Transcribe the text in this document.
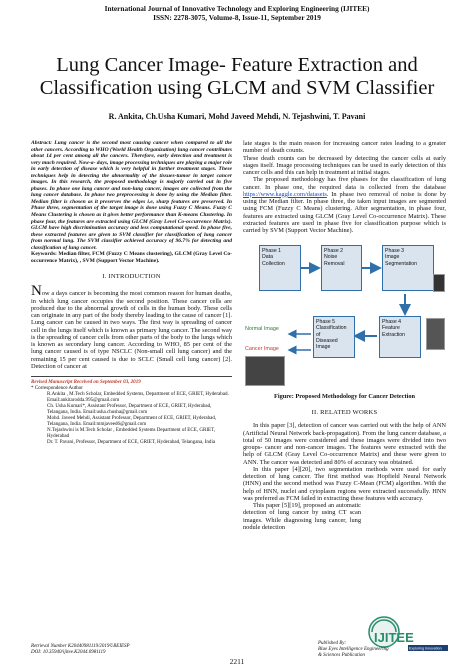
International Journal of Innovative Technology and Exploring Engineering (IJITEE)
ISSN: 2278-3075, Volume-8, Issue-11, September 2019
Lung Cancer Image- Feature Extraction and
Classification using GLCM and SVM Classifier
R. Ankita, Ch.Usha Kumari, Mohd Javeed Mehdi, N. Tejashwini, T. Pavani
Abstract: Lung cancer is the second most causing cancer when compared to all the other cancers. According to WHO (World Health Organization) lung cancer contributes about 14 per cent among all the cancers. Therefore, early detection and treatment is very much required. Now-a- days, image processing techniques are playing a major role in early detection of disease which is very helpful in further treatment stages. These techniques help in detecting the abnormality of the tissues-tumor in target cancer images. In this research, the proposed methodology is majorly carried out in five phases. In phase one lung cancer and non-lung cancer, images are collected from the lung cancer database. In phase two preprocessing is done by using the Median filter. Median filter is chosen as it preserves the edges i.e, sharp features are preserved. In Phase three, segmentation of the target image is done using Fuzzy C Means. Fuzzy C Means Clustering is chosen as it gives better performance than K-means Clustering. In phase four, the features are extracted using GLCM (Gray Level Co-occurrence Matrix). GLCM have high discrimination accuracy and less computational speed. In phase five, these extracted features are given to SVM classifier for classification of lung cancer from normal lung. The SVM classifier achieved accuracy of 96.7% for detecting and classification of lung cancer.
Keywords: Median filter, FCM (Fuzzy C Means clustering), GLCM (Gray Level Co-occurrence Matrix), , SVM (Support Vector Machine).
I. INTRODUCTION

Now a days cancer is becoming the most common reason for human deaths, in which lung cancer occupies the second position. These cancer cells are produced due to the abnormal growth of cells in the human body. These cells can originate in any part of the body thereby leading to the cause of cancer [1]. Lung cancer can be caused in two ways. The first way is spreading of cancer cell in the lungs itself which is known as primary lung cancer. The second way is the spreading of cancer cells from other parts of the body to the lungs which is known as secondary lung cancer. According to WHO, 85 per cent of the lung cancer caused is of type NSCLC (Non-small cell lung cancer) and the remaining 15 per cent caused is due to SCLC (Small cell lung cancer) [2]. Detection of cancer at

Revised Manuscript Received on September 03, 2019
* Correspondence Author
R.Ankita , M.Tech Scholar, Embedded Systems, Department of ECE, GRIET, Hyderabad. Email:ankitarodda.995@gmail.com
Ch. Usha Kumari*, Assistant Professor, Department of ECE, GRIET, Hyderabad, Telangana, India. Email:usha.chusha@gmail.com
Mohd. Javeed Mehdi, Assistant Professor, Department of ECE, GRIET, Hyderabad, Telangana, India. Email:mmjaveed6@gmail.com
N.Tejashwini is M.Tech Scholar , Embedded Systems Department of ECE, GRIET, Hyderabad
Dr. T. Pavani, Professor, Department of ECE, GRIET, Hyderabad, Telangana, India

late stages is the main reason for increasing cancer rates leading to a greater number of death counts.

These death counts can be decreased by detecting the cancer cells at early stages itself. Image processing techniques can be used in early detection of this cancer cells and this can help in treatment at initial stages.

The proposed methodology has five phases for the classification of lung cancer. In phase one, the required data is collected from the database https://www.kaggle.com/datasets. In phase two removal of noise is done by using the Median filter. In phase three, the taken input images are segmented using FCM (Fuzzy C Means) clustering. After segmentation, in phase four, features are extracted using GLCM (Gray Level Co-occurrence Matrix). These extracted features are used in phase five for classification purpose which is carried by SVM (Support Vector Machine).

Phase 1
Data
Collection
Phase 2
Noise
Removal
Phase 3
Image
Segmentation
Phase 5
Classification of
Diseased Image
Phase 4
Feature
Extraction
Normal Image
Cancer Image
Figure: Proposed Methodology for Cancer Detection
II. RELATED WORKS

In this paper [3], detection of cancer was carried out with the help of ANN (Artificial Neural Network back-propagation). From the lung cancer database, a total of 50 images were considered and these images were divided into two groups- cancer and non-cancer images. The features were extracted with the help of GLCM (Gray Level Co-occurrence Matrix) and these were given to ANN. The cancer was detected and 80% of accuracy was obtained.

In this paper [4][20], two segmentation methods were used for early detection of lung cancer. The first method was Hopfield Neural Network (HNN) and the second method was Fuzzy C-Mean (FCM) algorithm. With the help of HNN, nuclei and cytoplasm regions were extracted successfully. HNN was preferred as FCM failed in extracting these features with accuracy.

This paper [5][19], proposed an automatic detection of lung cancer by using CT scan images. While diagnosing lung cancer, lung nodule detection

Retrieval Number K20440981119/2019©BEIESP
DOI: 10.35940/ijitee.K2044.0981119
2211
IJITEE
Exploring Innovation
Published By:
Blue Eyes Intelligence Engineering
& Sciences Publication
